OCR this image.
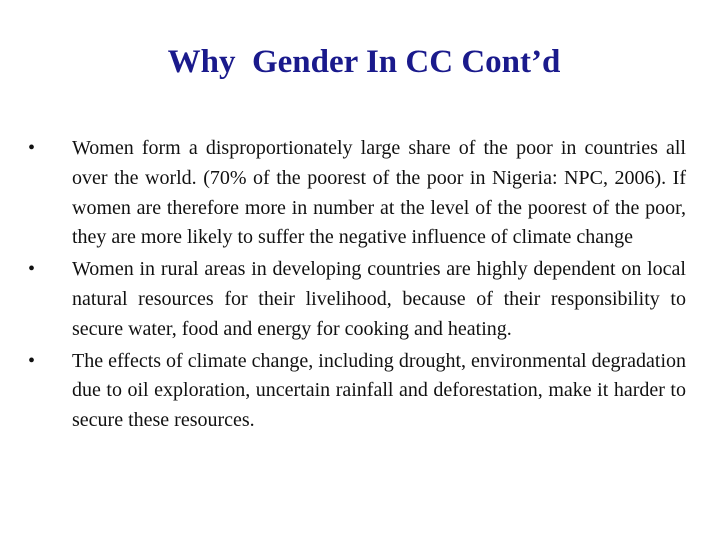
Why  Gender In CC Cont’d
• Women form a disproportionately large share of the poor in countries all over the world. (70% of the poorest of the poor in Nigeria: NPC, 2006). If women are therefore more in number at the level of the poorest of the poor, they are more likely to suffer the negative influence of climate change
• Women in rural areas in developing countries are highly dependent on local natural resources for their livelihood, because of their responsibility to secure water, food and energy for cooking and heating.
• The effects of climate change, including drought, environmental degradation due to oil exploration, uncertain rainfall and deforestation, make it harder to secure these resources.
